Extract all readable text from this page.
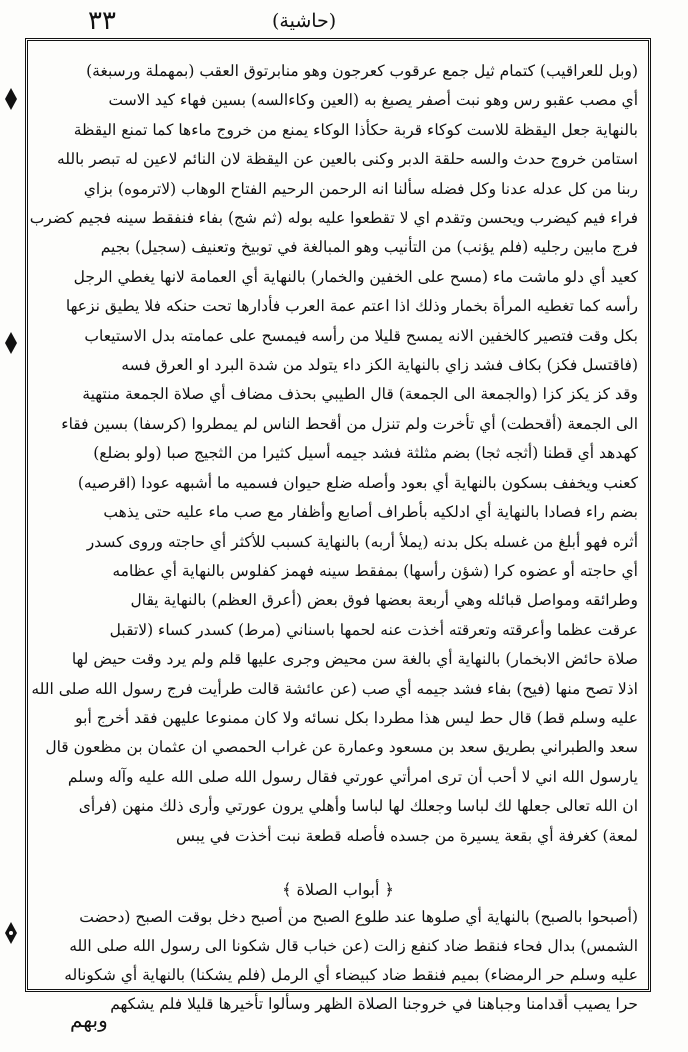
٣٣	(حاشية)
(وبل للعراقيب) كتمام ثيل جمع عرقوب كعرجون وهو منابرتوق العقب (بمهملة ورسبغة)
أي مصب عقبو رس وهو نبت أصفر يصبغ به (العين وكاءالسه) بسين فهاء كيد الاست
بالنهاية جعل اليقظة للاست كوكاء قربة حكأذا الوكاء يمنع من خروج ماءها كما تمنع اليقظة
استامن خروج حدث والسه حلقة الدبر وكنى بالعين عن اليقظة لان النائم لاعين له تبصر بالله
ربنا من كل عدله عدنا وكل فضله سألنا انه الرحمن الرحيم الفتاح الوهاب (لاترموه) بزاي
فراء فيم كيضرب ويحسن وتقدم اي لا تقطعوا عليه بوله (ثم شج) بفاء فنفقط سينه فجيم كضرب
فرج مابين رجليه (فلم يؤنب) من التأنيب وهو المبالغة في توبيخ وتعنيف (سجيل) بجيم
كعيد أي دلو ماشت ماء (مسح على الخفين والخمار) بالنهاية أي العمامة لانها يغطي الرجل
رأسه كما تغطيه المرأة بخمار وذلك اذا اعتم عمة العرب فأدارها تحت حنكه فلا يطيق نزعها
بكل وقت فتصير كالخفين الانه يمسح قليلا من رأسه فيمسح على عمامته بدل الاستيعاب
(فاقتسل فكز) بكاف فشد زاي بالنهاية الكز داء يتولد من شدة البرد او العرق فسه
وقد كز يكز كزا (والجمعة الى الجمعة) قال الطيبي بحذف مضاف أي صلاة الجمعة منتهية
الى الجمعة (أقحطت) أي تأخرت ولم تنزل من أقحط الناس لم يمطروا (كرسفا) بسين فقاء
كهدهد أي قطنا (أثجه ثجا) بضم مثلثة فشد جيمه أسيل كثيرا من الثجيج صبا (ولو بضلع)
كعنب ويخفف بسكون بالنهاية أي بعود وأصله ضلع حيوان فسميه ما أشبهه عودا (اقرصيه)
بضم راء فصادا بالنهاية أي ادلكيه بأطراف أصابع وأظفار مع صب ماء عليه حتى يذهب
أثره فهو أبلغ من غسله بكل بدنه (يملأ أربه) بالنهاية كسبب للأكثر أي حاجته وروى كسدر
أي حاجته أو عضوه كرا (شؤن رأسها) بمفقط سينه فهمز كفلوس بالنهاية أي عظامه
وطرائقه ومواصل قبائله وهي أربعة بعضها فوق بعض (أعرق العظم) بالنهاية يقال
عرقت عظما وأعرقته وتعرقته أخذت عنه لحمها باسناني (مرط) كسدر كساء (لاتقبل
صلاة حائض الابخمار) بالنهاية أي بالغة سن محيض وجرى عليها قلم ولم يرد وقت حيض لها
اذلا تصح منها (فيح) بفاء فشد جيمه أي صب (عن عائشة قالت طرأيت فرج رسول الله صلى الله
عليه وسلم قط) قال حط ليس هذا مطردا بكل نسائه ولا كان ممنوعا عليهن فقد أخرج أبو
سعد والطبراني بطريق سعد بن مسعود وعمارة عن غراب الحمصي ان عثمان بن مظعون قال
يارسول الله اني لا أحب أن ترى امرأتي عورتي فقال رسول الله صلى الله عليه وآله وسلم
ان الله تعالى جعلها لك لباسا وجعلك لها لباسا وأهلي يرون عورتي وأرى ذلك منهن (فرأى
لمعة) كغرفة أي بقعة يسيرة من جسده فأصله قطعة نبت أخذت في يبس
﴿ أبواب الصلاة ﴾
(أصبحوا بالصبح) بالنهاية أي صلوها عند طلوع الصبح من أصبح دخل بوقت الصبح (دحضت
الشمس) بدال فحاء فنقط ضاد كنفع زالت (عن خباب قال شكونا الى رسول الله صلى الله
عليه وسلم حر الرمضاء) بميم فنقط ضاد كبيضاء أي الرمل (فلم يشكنا) بالنهاية أي شكوناله
حرا يصيب أقدامنا وجباهنا في خروجنا الصلاة الظهر وسألوا تأخيرها قليلا فلم يشكهم
وبهم
